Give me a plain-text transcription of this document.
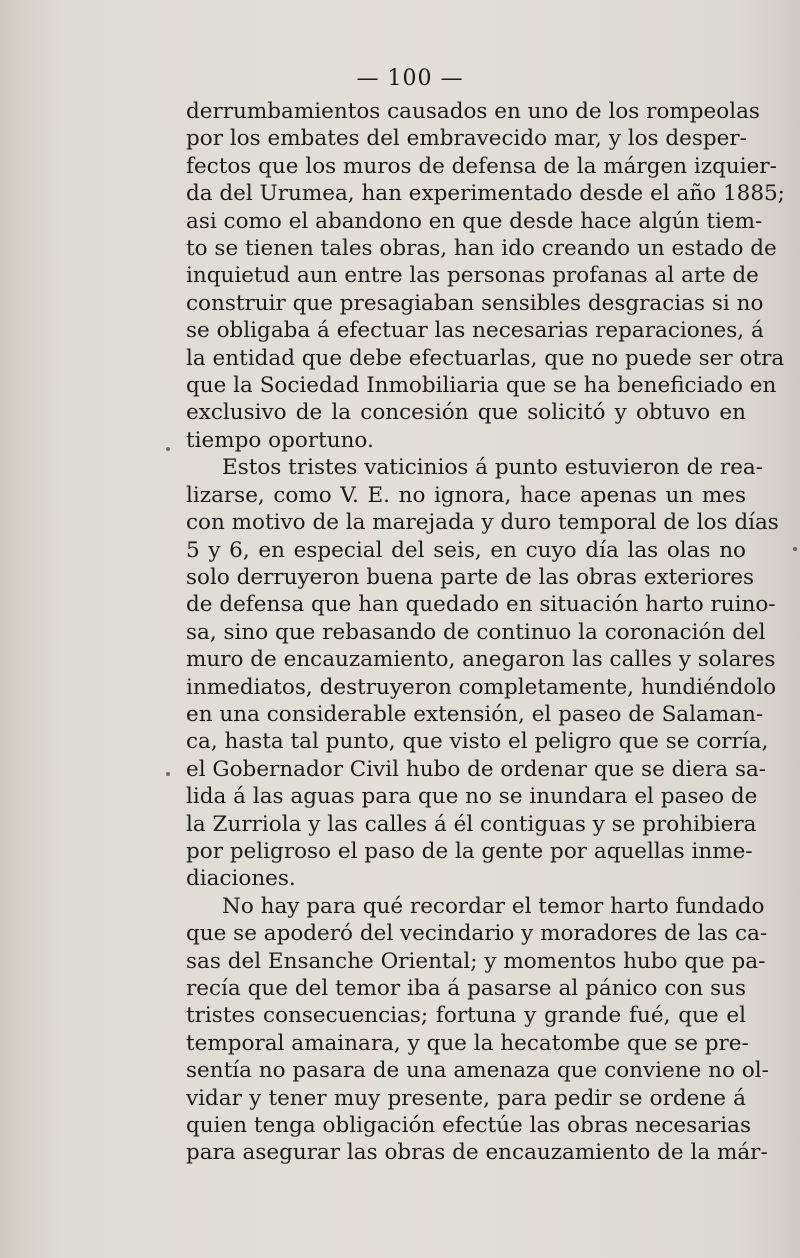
— 100 —
derrumbamientos causados en uno de los rompeolas
por los embates del embravecido mar, y los desper-
fectos que los muros de defensa de la márgen izquier-
da del Urumea, han experimentado desde el año 1885;
asi como el abandono en que desde hace algún tiem-
to se tienen tales obras, han ido creando un estado de
inquietud aun entre las personas profanas al arte de
construir que presagiaban sensibles desgracias si no
se obligaba á efectuar las necesarias reparaciones, á
la entidad que debe efectuarlas, que no puede ser otra
que la Sociedad Inmobiliaria que se ha beneficiado en
exclusivo de la concesión que solicitó y obtuvo en
tiempo oportuno.
Estos tristes vaticinios á punto estuvieron de rea-
lizarse, como V. E. no ignora, hace apenas un mes
con motivo de la marejada y duro temporal de los días
5 y 6, en especial del seis, en cuyo día las olas no
solo derruyeron buena parte de las obras exteriores
de defensa que han quedado en situación harto ruino-
sa, sino que rebasando de continuo la coronación del
muro de encauzamiento, anegaron las calles y solares
inmediatos, destruyeron completamente, hundiéndolo
en una considerable extensión, el paseo de Salaman-
ca, hasta tal punto, que visto el peligro que se corría,
el Gobernador Civil hubo de ordenar que se diera sa-
lida á las aguas para que no se inundara el paseo de
la Zurriola y las calles á él contiguas y se prohibiera
por peligroso el paso de la gente por aquellas inme-
diaciones.
No hay para qué recordar el temor harto fundado
que se apoderó del vecindario y moradores de las ca-
sas del Ensanche Oriental; y momentos hubo que pa-
recía que del temor iba á pasarse al pánico con sus
tristes consecuencias; fortuna y grande fué, que el
temporal amainara, y que la hecatombe que se pre-
sentía no pasara de una amenaza que conviene no ol-
vidar y tener muy presente, para pedir se ordene á
quien tenga obligación efectúe las obras necesarias
para asegurar las obras de encauzamiento de la már-
